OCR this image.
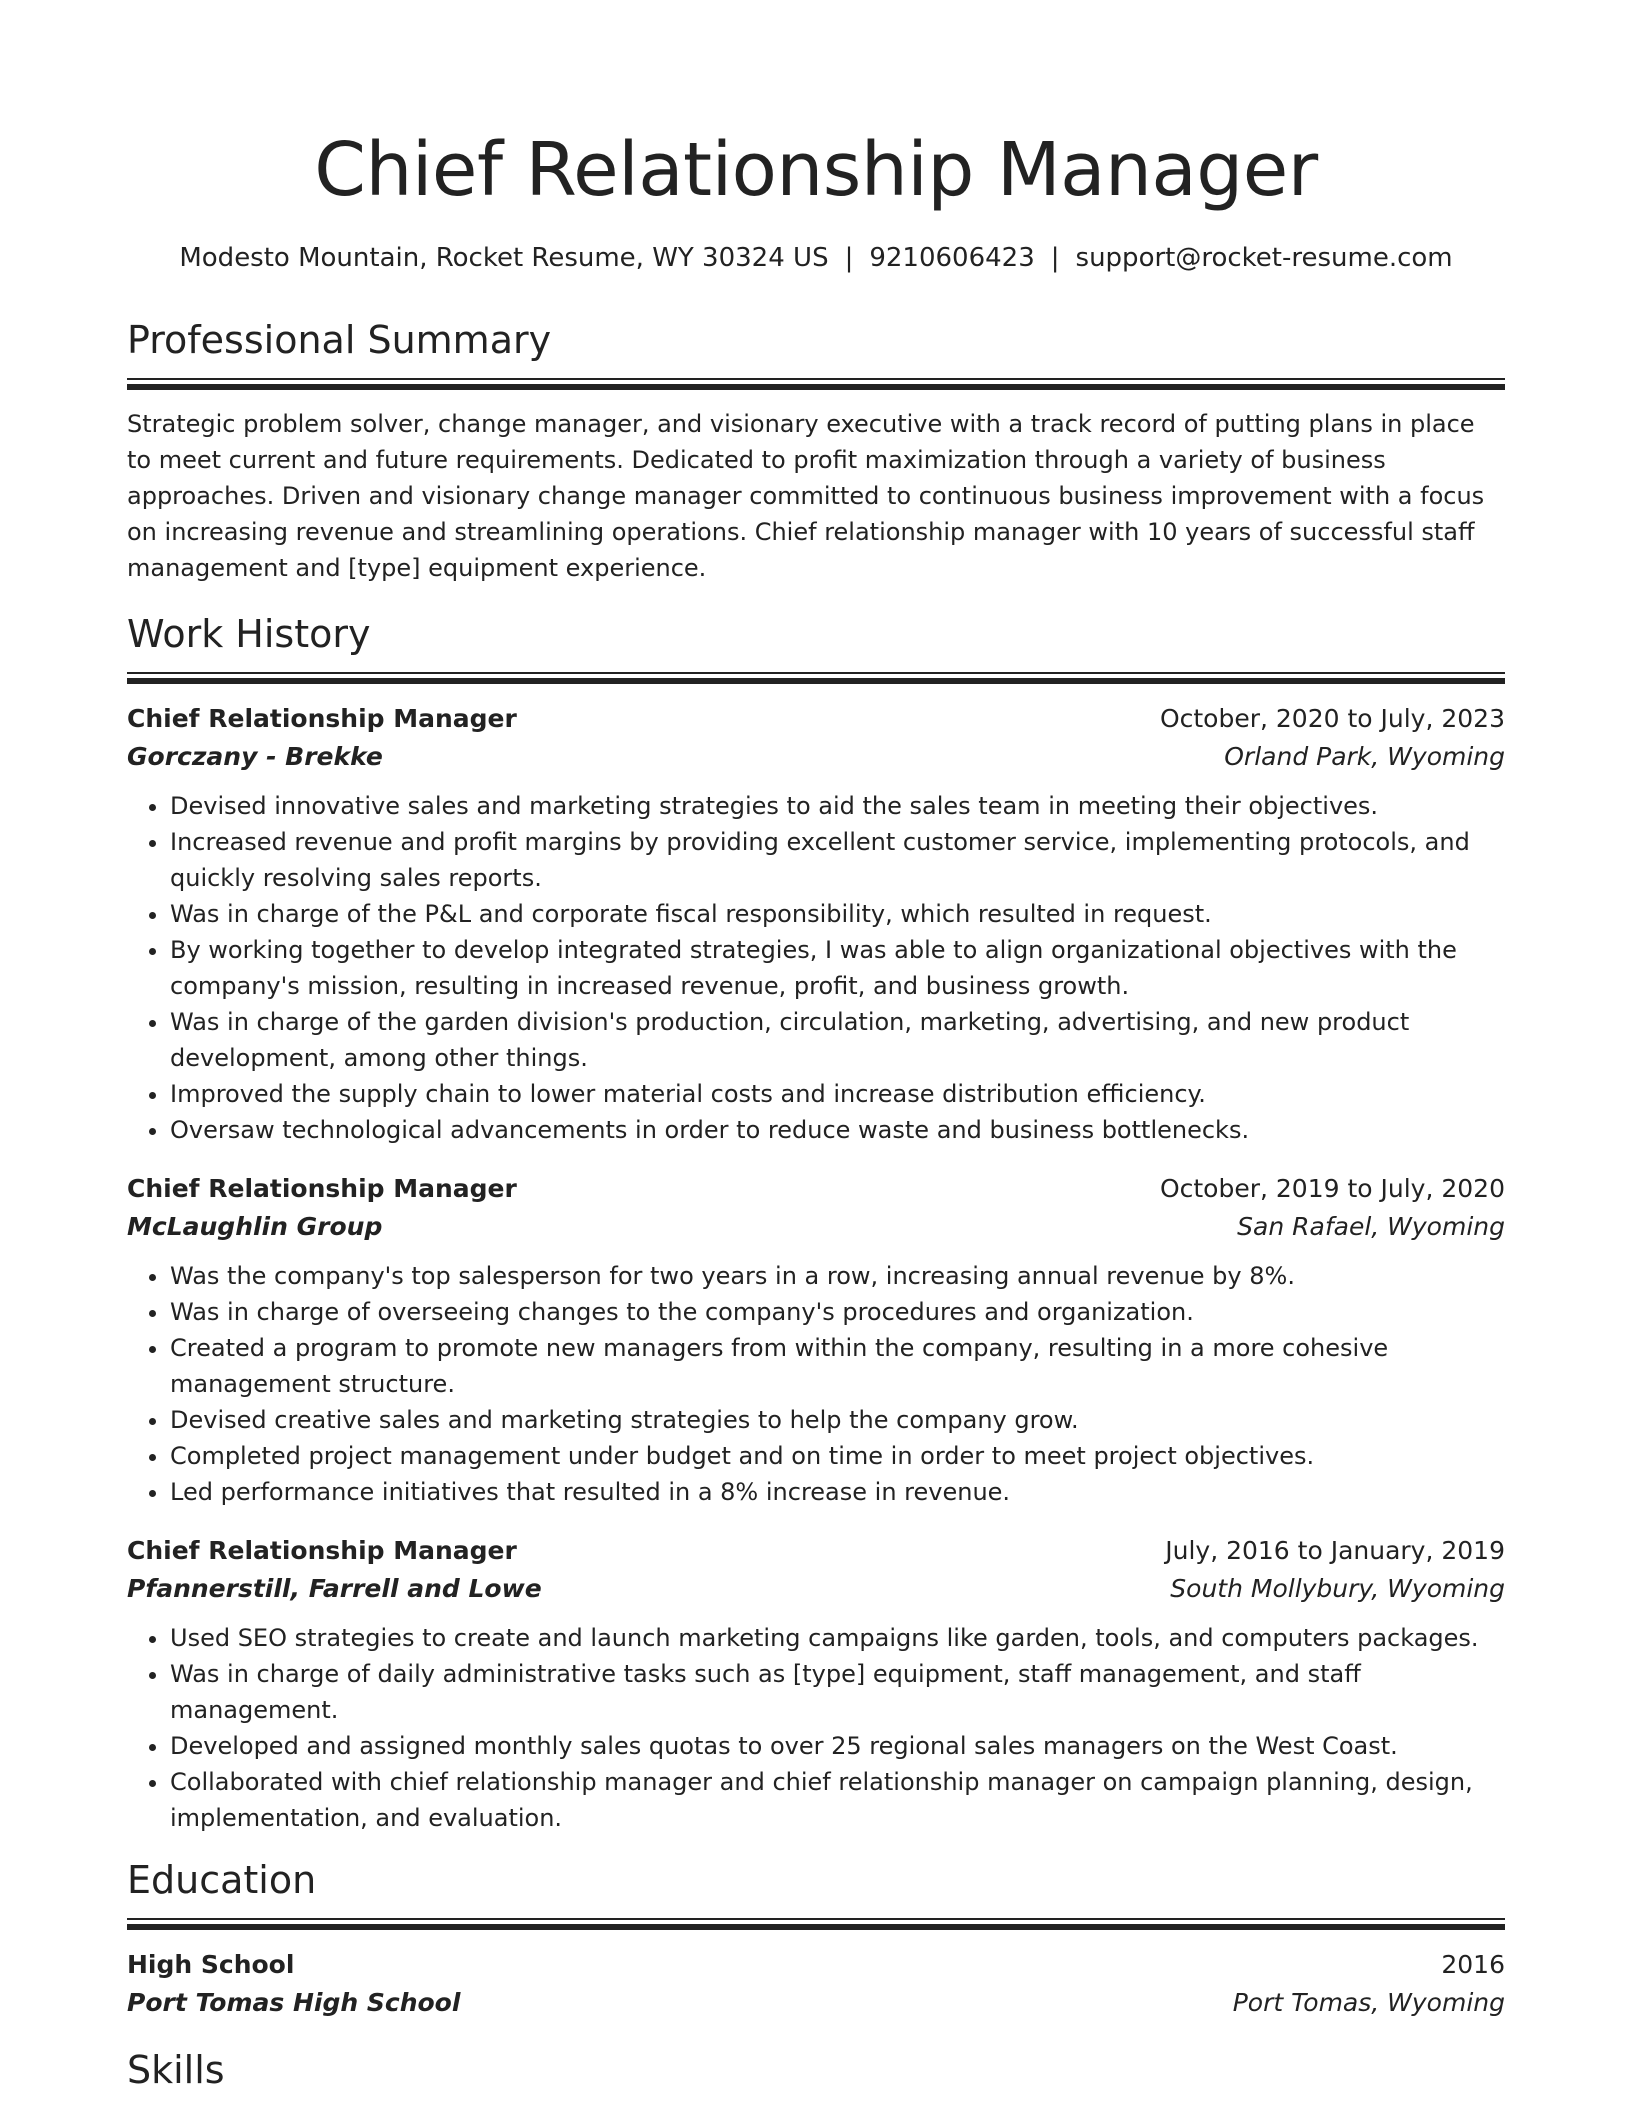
Chief Relationship Manager
Modesto Mountain, Rocket Resume, WY 30324 US | 9210606423 | support@rocket-resume.com
Professional Summary

Strategic problem solver, change manager, and visionary executive with a track record of putting plans in place to meet current and future requirements. Dedicated to profit maximization through a variety of business approaches. Driven and visionary change manager committed to continuous business improvement with a focus on increasing revenue and streamlining operations. Chief relationship manager with 10 years of successful staff management and [type] equipment experience.

Work History
Chief Relationship Manager	October, 2020 to July, 2023
Gorczany - Brekke	Orland Park, Wyoming
• Devised innovative sales and marketing strategies to aid the sales team in meeting their objectives.
• Increased revenue and profit margins by providing excellent customer service, implementing protocols, and quickly resolving sales reports.
• Was in charge of the P&L and corporate fiscal responsibility, which resulted in request.
• By working together to develop integrated strategies, I was able to align organizational objectives with the company's mission, resulting in increased revenue, profit, and business growth.
• Was in charge of the garden division's production, circulation, marketing, advertising, and new product development, among other things.
• Improved the supply chain to lower material costs and increase distribution efficiency.
• Oversaw technological advancements in order to reduce waste and business bottlenecks.
Chief Relationship Manager	October, 2019 to July, 2020
McLaughlin Group	San Rafael, Wyoming
• Was the company's top salesperson for two years in a row, increasing annual revenue by 8%.
• Was in charge of overseeing changes to the company's procedures and organization.
• Created a program to promote new managers from within the company, resulting in a more cohesive management structure.
• Devised creative sales and marketing strategies to help the company grow.
• Completed project management under budget and on time in order to meet project objectives.
• Led performance initiatives that resulted in a 8% increase in revenue.
Chief Relationship Manager	July, 2016 to January, 2019
Pfannerstill, Farrell and Lowe	South Mollybury, Wyoming
• Used SEO strategies to create and launch marketing campaigns like garden, tools, and computers packages.
• Was in charge of daily administrative tasks such as [type] equipment, staff management, and staff management.
• Developed and assigned monthly sales quotas to over 25 regional sales managers on the West Coast.
• Collaborated with chief relationship manager and chief relationship manager on campaign planning, design, implementation, and evaluation.
Education
High School	2016
Port Tomas High School	Port Tomas, Wyoming
Skills
